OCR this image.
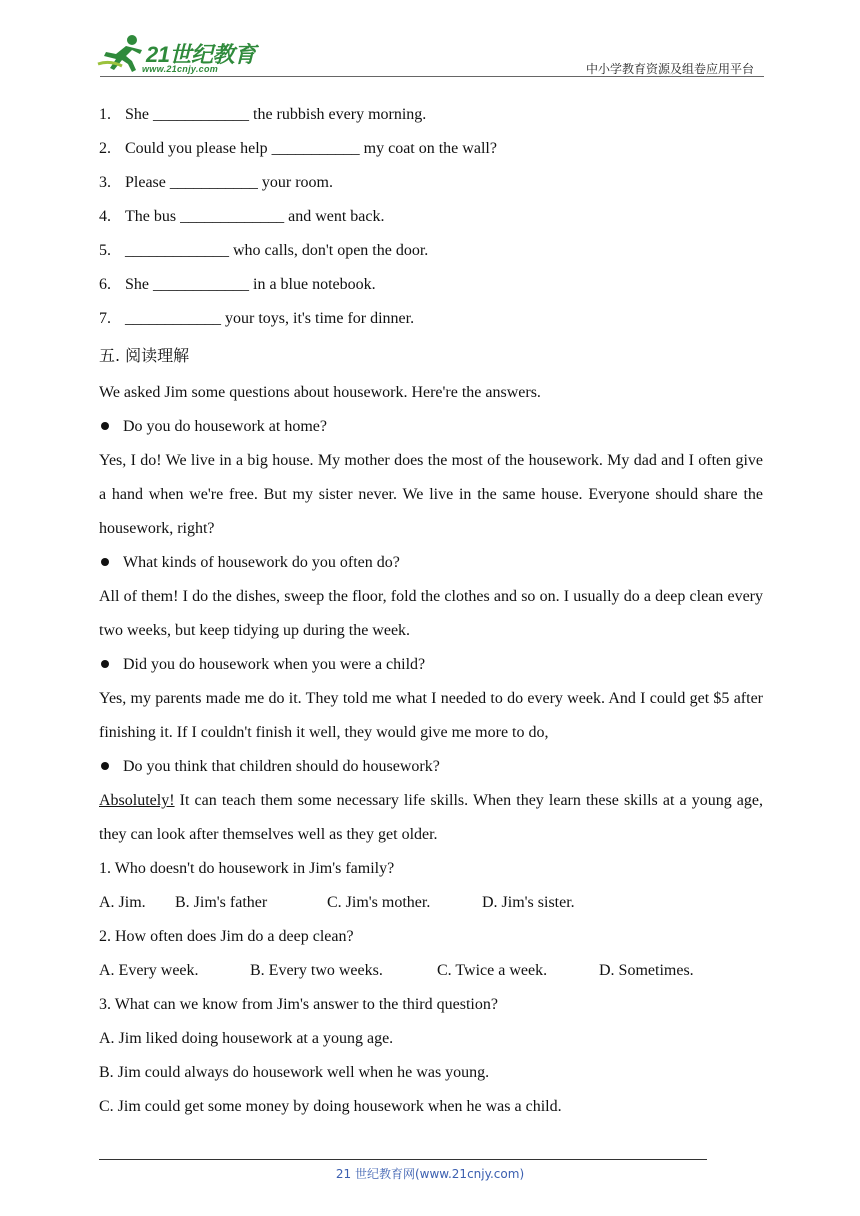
21世纪教育
www.21cnjy.com	中小学教育资源及组卷应用平台
1. She ____________ the rubbish every morning.
2. Could you please help ___________ my coat on the wall?
3. Please ___________ your room.
4. The bus _____________ and went back.
5. _____________ who calls, don't open the door.
6. She ____________ in a blue notebook.
7. ____________ your toys, it's time for dinner.
五. 阅读理解
We asked Jim some questions about housework. Here're the answers.
Do you do housework at home?
Yes, I do! We live in a big house. My mother does the most of the housework. My dad and I often give a hand when we're free. But my sister never. We live in the same house. Everyone should share the housework, right?
What kinds of housework do you often do?
All of them! I do the dishes, sweep the floor, fold the clothes and so on. I usually do a deep clean every two weeks, but keep tidying up during the week.
Did you do housework when you were a child?
Yes, my parents made me do it. They told me what I needed to do every week. And I could get $5 after finishing it. If I couldn't finish it well, they would give me more to do,
Do you think that children should do housework?
Absolutely! It can teach them some necessary life skills. When they learn these skills at a young age, they can look after themselves well as they get older.
1. Who doesn't do housework in Jim's family?
A. Jim.	B. Jim's father	C. Jim's mother.	D. Jim's sister.
2. How often does Jim do a deep clean?
A. Every week.	B. Every two weeks.	C. Twice a week.	D. Sometimes.
3. What can we know from Jim's answer to the third question?
A. Jim liked doing housework at a young age.
B. Jim could always do housework well when he was young.
C. Jim could get some money by doing housework when he was a child.
21 世纪教育网(www.21cnjy.com)
